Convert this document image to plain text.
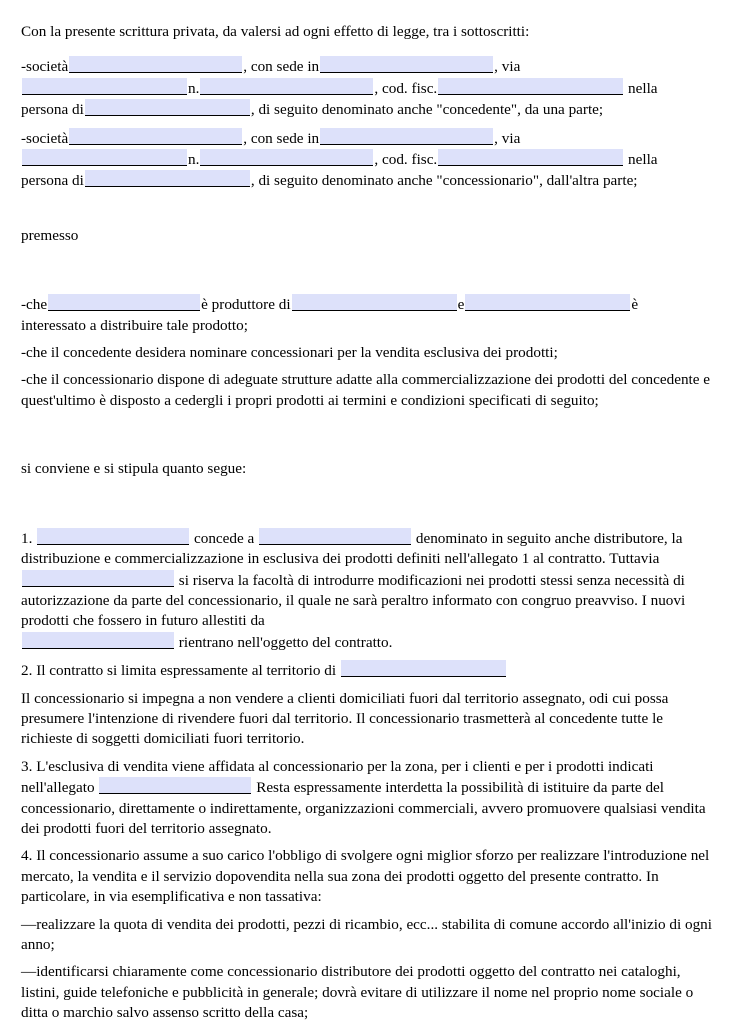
Con la presente scrittura privata, da valersi ad ogni effetto di legge, tra i sottoscritti:

-società	, con sede in	, via

n.	, cod. fisc.	nella

persona di	, di seguito denominato anche "concedente", da una parte;

-società	, con sede in	, via

n.	, cod. fisc.	nella

persona di	, di seguito denominato anche "concessionario", dall'altra parte;

premesso

-che	è produttore di	e	è
interessato a distribuire tale prodotto;

-che il concedente desidera nominare concessionari per la vendita esclusiva dei prodotti;

-che il concessionario dispone di adeguate strutture adatte alla commercializzazione dei prodotti del concedente e quest'ultimo è disposto a cedergli i propri prodotti ai termini e condizioni specificati di seguito;

si conviene e si stipula quanto segue:

1.	concede a	denominato in seguito anche distributore, la distribuzione e commercializzazione in esclusiva dei prodotti definiti nell'allegato 1 al contratto. Tuttavia  si riserva la facoltà di introdurre modificazioni nei prodotti stessi senza necessità di autorizzazione da parte del concessionario, il quale ne sarà peraltro informato con congruo preavviso. I nuovi prodotti che fossero in futuro allestiti da
rientrano nell'oggetto del contratto.

2. Il contratto si limita espressamente al territorio di

Il concessionario si impegna a non vendere a clienti domiciliati fuori dal territorio assegnato, odi cui possa presumere l'intenzione di rivendere fuori dal territorio. Il concessionario trasmetterà al concedente tutte le richieste di soggetti domiciliati fuori territorio.

3. L'esclusiva di vendita viene affidata al concessionario per la zona, per i clienti e per i prodotti indicati nell'allegato	Resta espressamente interdetta la possibilità di istituire da parte del concessionario, direttamente o indirettamente, organizzazioni commerciali, avvero promuovere qualsiasi vendita dei prodotti fuori del territorio assegnato.

4. Il concessionario assume a suo carico l'obbligo di svolgere ogni miglior sforzo per realizzare l'introduzione nel mercato, la vendita e il servizio dopovendita nella sua zona dei prodotti oggetto del presente contratto. In particolare, in via esemplificativa e non tassativa:

—realizzare la quota di vendita dei prodotti, pezzi di ricambio, ecc... stabilita di comune accordo all'inizio di ogni anno;

—identificarsi chiaramente come concessionario distributore dei prodotti oggetto del contratto nei cataloghi, listini, guide telefoniche e pubblicità in generale; dovrà evitare di utilizzare il nome nel proprio nome sociale o ditta o marchio salvo assenso scritto della casa;
